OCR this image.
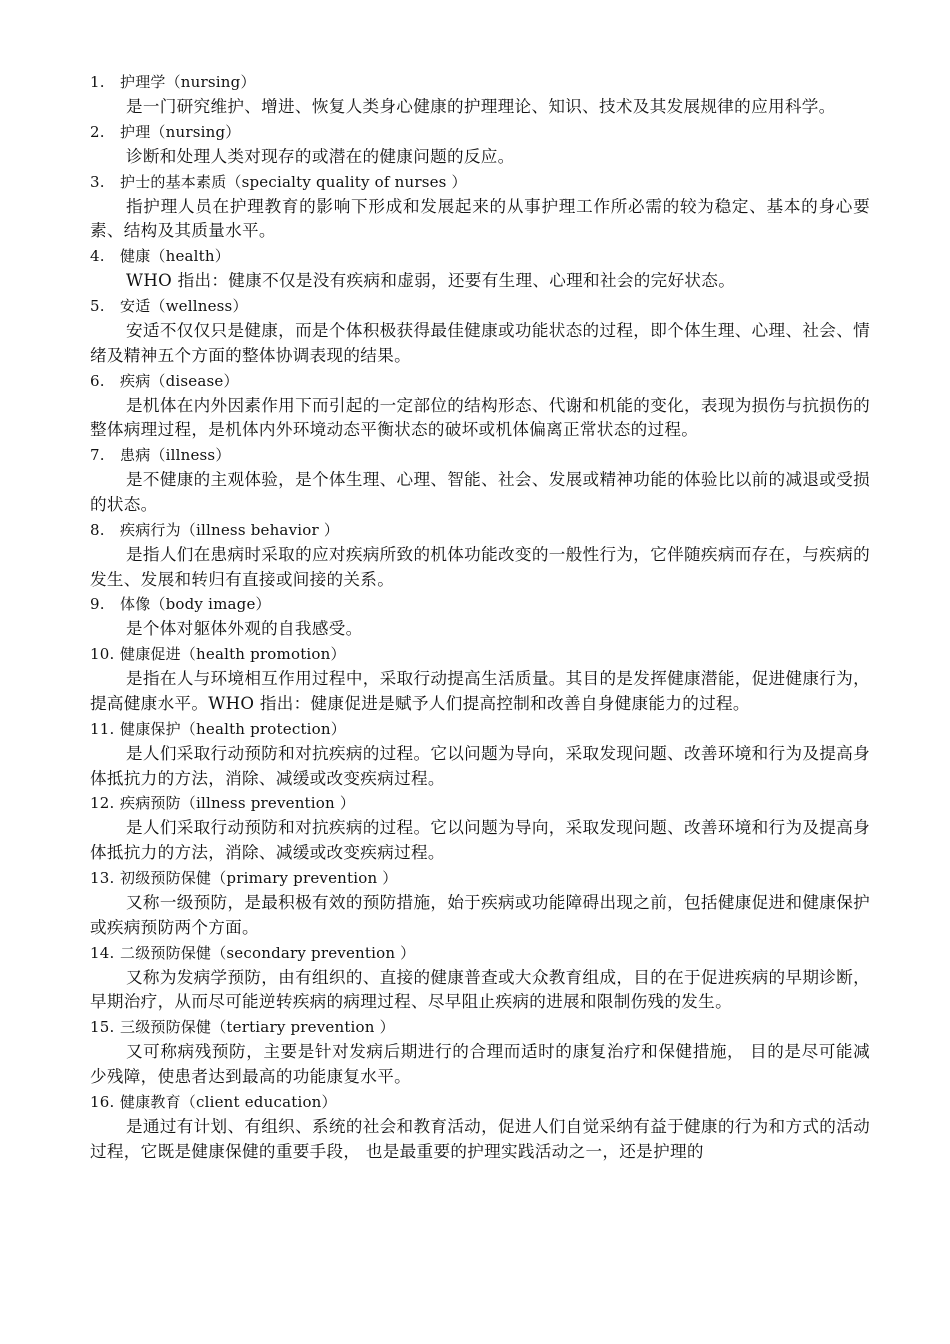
1. 护理学（nursing）

是一门研究维护、增进、恢复人类身心健康的护理理论、知识、技术及其发展规律的应用科学。

2. 护理（nursing）

诊断和处理人类对现存的或潜在的健康问题的反应。

3. 护士的基本素质（specialty quality of nurses ）

指护理人员在护理教育的影响下形成和发展起来的从事护理工作所必需的较为稳定、基本的身心要素、结构及其质量水平。

4. 健康（health）

WHO 指出：健康不仅是没有疾病和虚弱，还要有生理、心理和社会的完好状态。

5. 安适（wellness）

安适不仅仅只是健康，而是个体积极获得最佳健康或功能状态的过程，即个体生理、心理、社会、情绪及精神五个方面的整体协调表现的结果。

6. 疾病（disease）

是机体在内外因素作用下而引起的一定部位的结构形态、代谢和机能的变化，表现为损伤与抗损伤的整体病理过程，是机体内外环境动态平衡状态的破坏或机体偏离正常状态的过程。

7. 患病（illness）

是不健康的主观体验，是个体生理、心理、智能、社会、发展或精神功能的体验比以前的减退或受损的状态。

8. 疾病行为（illness behavior ）

是指人们在患病时采取的应对疾病所致的机体功能改变的一般性行为，它伴随疾病而存在，与疾病的发生、发展和转归有直接或间接的关系。

9. 体像（body image）

是个体对躯体外观的自我感受。

10. 健康促进（health promotion）

是指在人与环境相互作用过程中，采取行动提高生活质量。其目的是发挥健康潜能，促进健康行为，提高健康水平。WHO 指出：健康促进是赋予人们提高控制和改善自身健康能力的过程。

11. 健康保护（health protection）

是人们采取行动预防和对抗疾病的过程。它以问题为导向，采取发现问题、改善环境和行为及提高身体抵抗力的方法，消除、减缓或改变疾病过程。

12. 疾病预防（illness prevention ）

是人们采取行动预防和对抗疾病的过程。它以问题为导向，采取发现问题、改善环境和行为及提高身体抵抗力的方法，消除、减缓或改变疾病过程。

13. 初级预防保健（primary prevention ）

又称一级预防，是最积极有效的预防措施，始于疾病或功能障碍出现之前，包括健康促进和健康保护或疾病预防两个方面。

14. 二级预防保健（secondary prevention ）

又称为发病学预防，由有组织的、直接的健康普查或大众教育组成，目的在于促进疾病的早期诊断，早期治疗，从而尽可能逆转疾病的病理过程、尽早阻止疾病的进展和限制伤残的发生。

15. 三级预防保健（tertiary prevention ）

又可称病残预防，主要是针对发病后期进行的合理而适时的康复治疗和保健措施， 目的是尽可能减少残障，使患者达到最高的功能康复水平。

16. 健康教育（client education）

是通过有计划、有组织、系统的社会和教育活动，促进人们自觉采纳有益于健康的行为和方式的活动过程，它既是健康保健的重要手段， 也是最重要的护理实践活动之一，还是护理的
